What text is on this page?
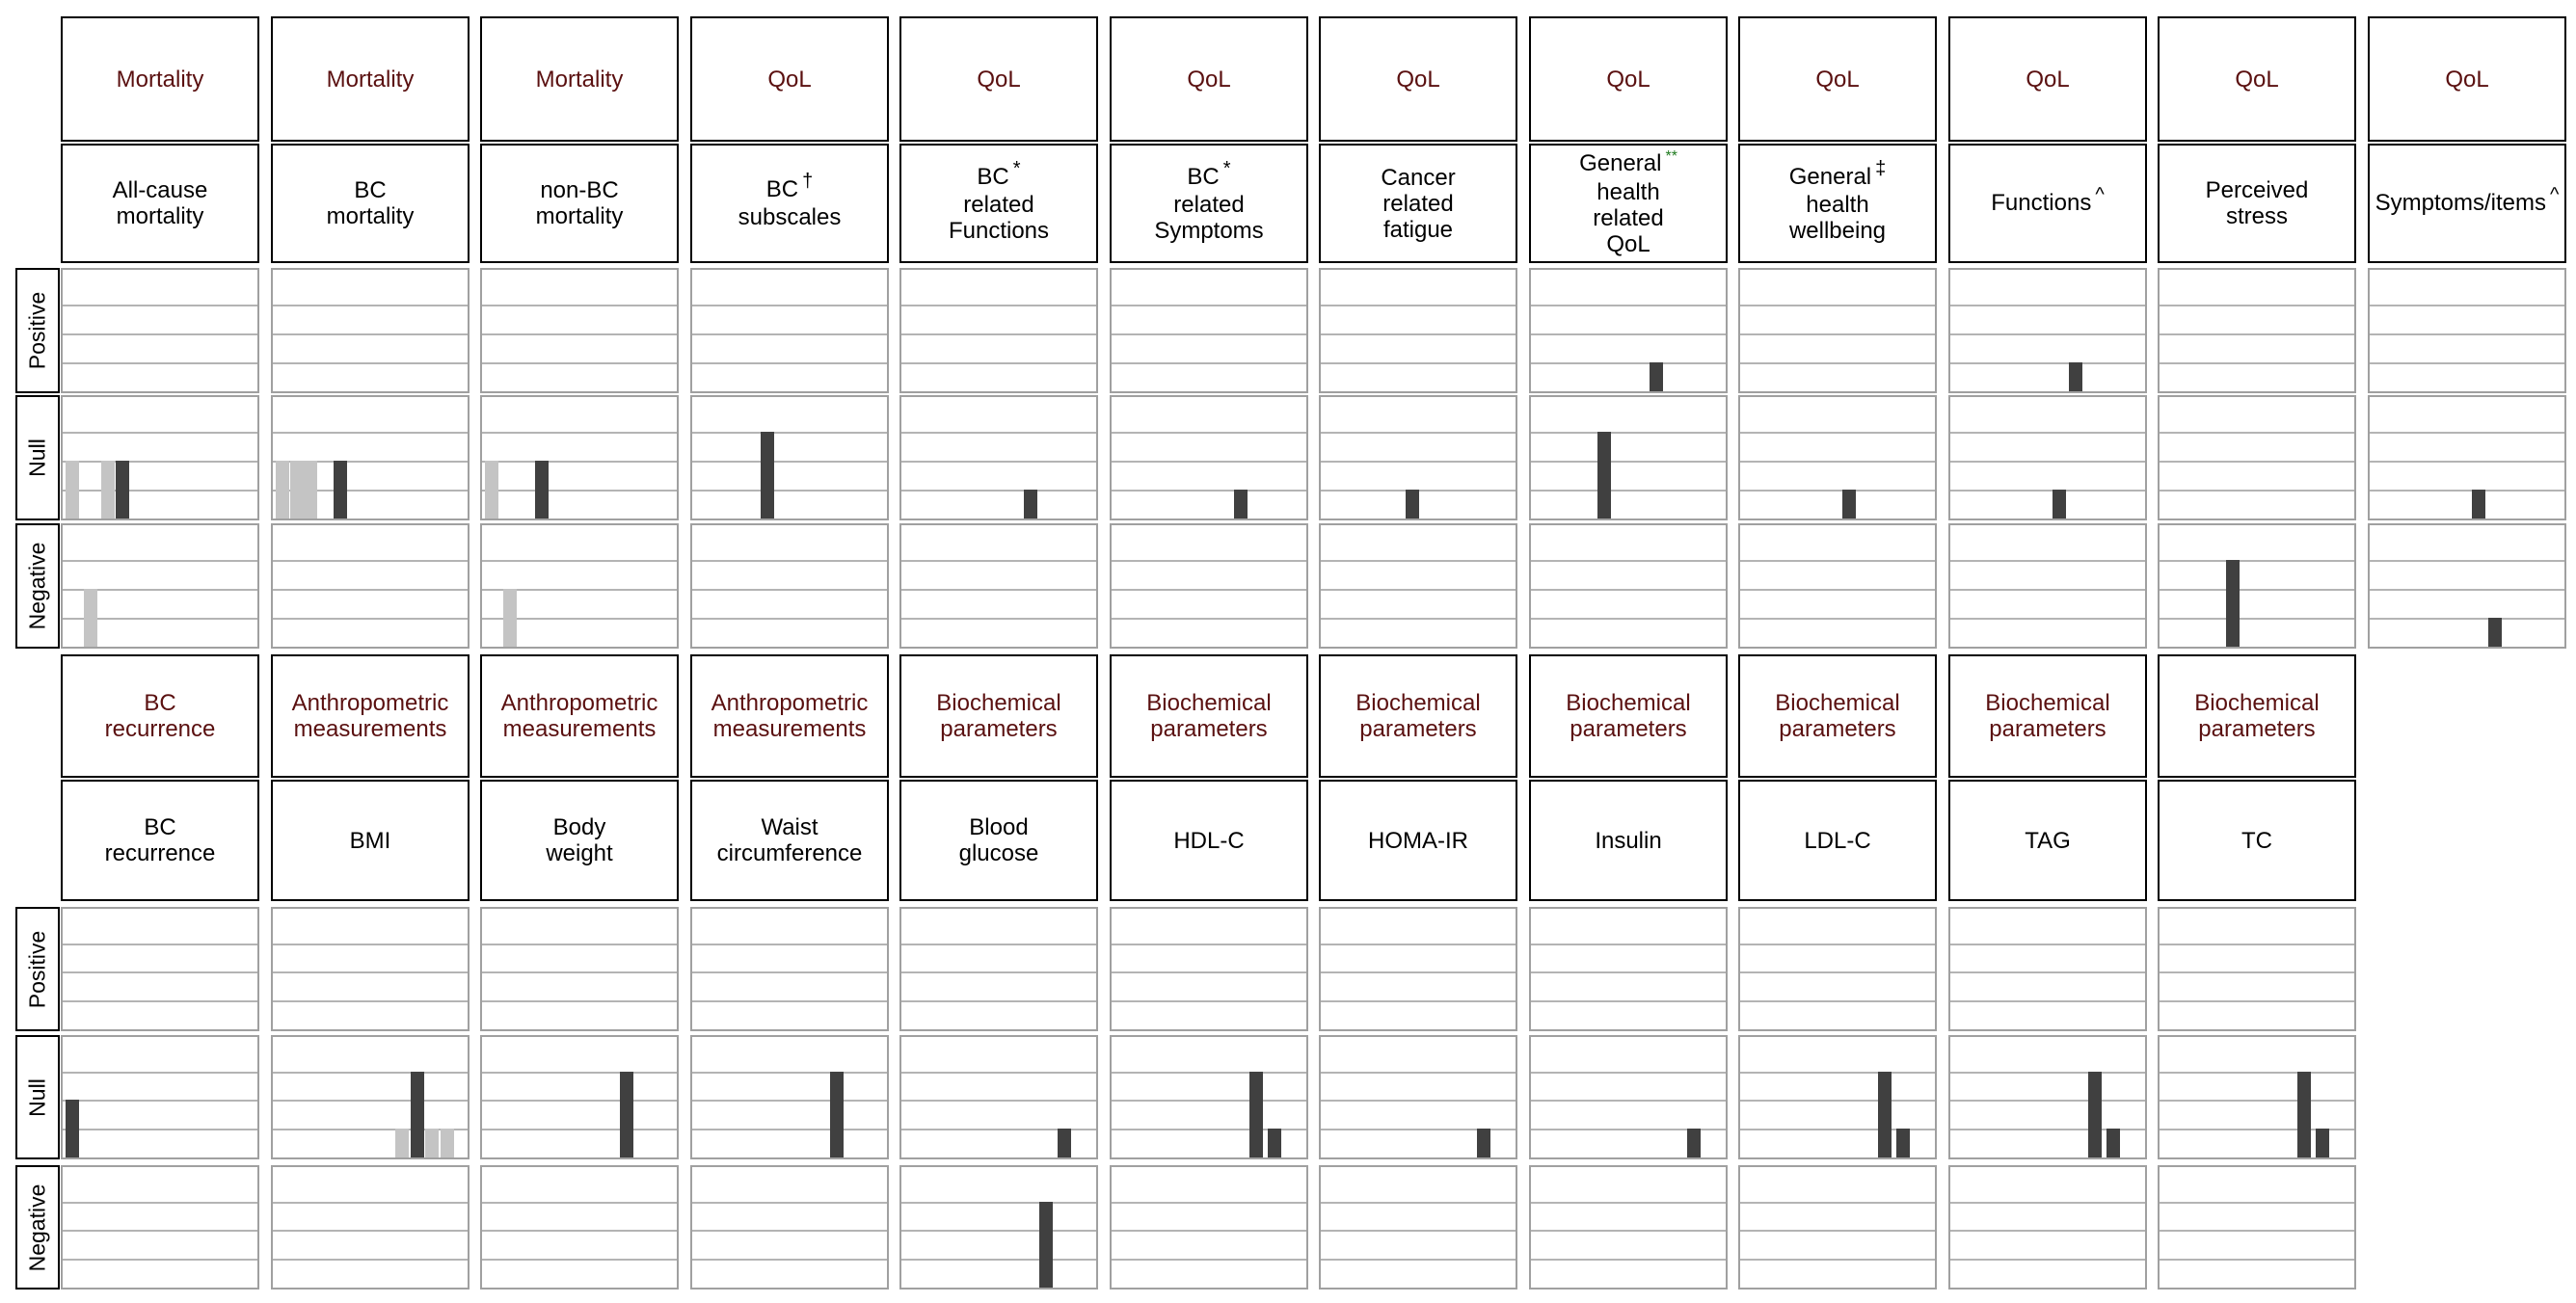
Positive
Null
Negative
Mortality
All-cause
mortality
Mortality
BC
mortality
Mortality
non-BC
mortality
QoL
BC †
subscales
QoL
BC *
related
Functions
QoL
BC *
related
Symptoms
QoL
Cancer
related
fatigue
QoL
General **
health
related
QoL
QoL
General ‡
health
wellbeing
QoL
Functions ^
QoL
Perceived
stress
QoL
Symptoms/items ^
Positive
Null
Negative
BC
recurrence
BC
recurrence
Anthropometric
measurements
BMI
Anthropometric
measurements
Body
weight
Anthropometric
measurements
Waist
circumference
Biochemical
parameters
Blood
glucose
Biochemical
parameters
HDL-C
Biochemical
parameters
HOMA-IR
Biochemical
parameters
Insulin
Biochemical
parameters
LDL-C
Biochemical
parameters
TAG
Biochemical
parameters
TC
